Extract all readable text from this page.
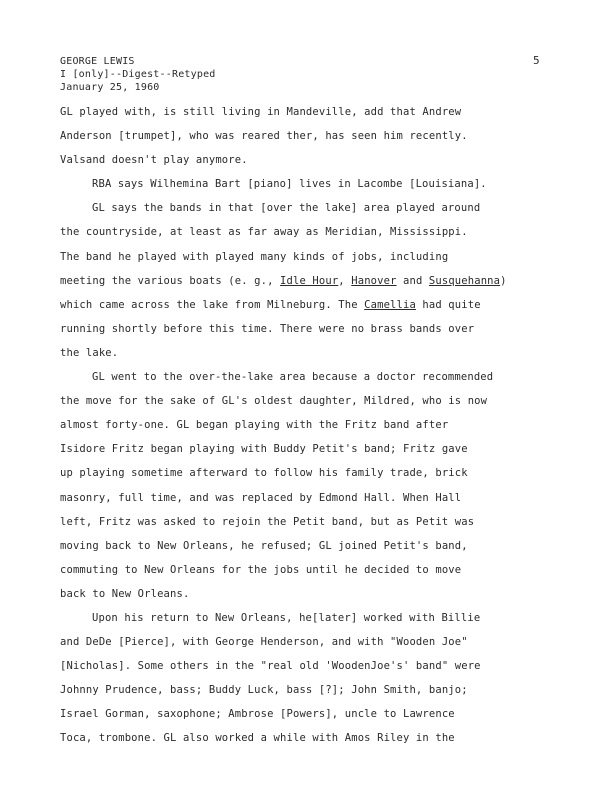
GEORGE LEWIS
I [only]--Digest--Retyped
January 25, 1960
5
GL played with, is still living in Mandeville, add that Andrew
Anderson [trumpet], who was reared ther, has seen him recently.
Valsand doesn't play anymore.
RBA says Wilhemina Bart [piano] lives in Lacombe [Louisiana].
GL says the bands in that [over the lake] area played around
the countryside, at least as far away as Meridian, Mississippi.
The band he played with played many kinds of jobs, including
meeting the various boats (e. g., Idle Hour, Hanover and Susquehanna)
which came across the lake from Milneburg. The Camellia had quite
running shortly before this time. There were no brass bands over
the lake.
GL went to the over-the-lake area because a doctor recommended
the move for the sake of GL's oldest daughter, Mildred, who is now
almost forty-one. GL began playing with the Fritz band after
Isidore Fritz began playing with Buddy Petit's band; Fritz gave
up playing sometime afterward to follow his family trade, brick
masonry, full time, and was replaced by Edmond Hall. When Hall
left, Fritz was asked to rejoin the Petit band, but as Petit was
moving back to New Orleans, he refused; GL joined Petit's band,
commuting to New Orleans for the jobs until he decided to move
back to New Orleans.
Upon his return to New Orleans, he[later] worked with Billie
and DeDe [Pierce], with George Henderson, and with "Wooden Joe"
[Nicholas]. Some others in the "real old 'WoodenJoe's' band" were
Johnny Prudence, bass; Buddy Luck, bass [?]; John Smith, banjo;
Israel Gorman, saxophone; Ambrose [Powers], uncle to Lawrence
Toca, trombone. GL also worked a while with Amos Riley in the
